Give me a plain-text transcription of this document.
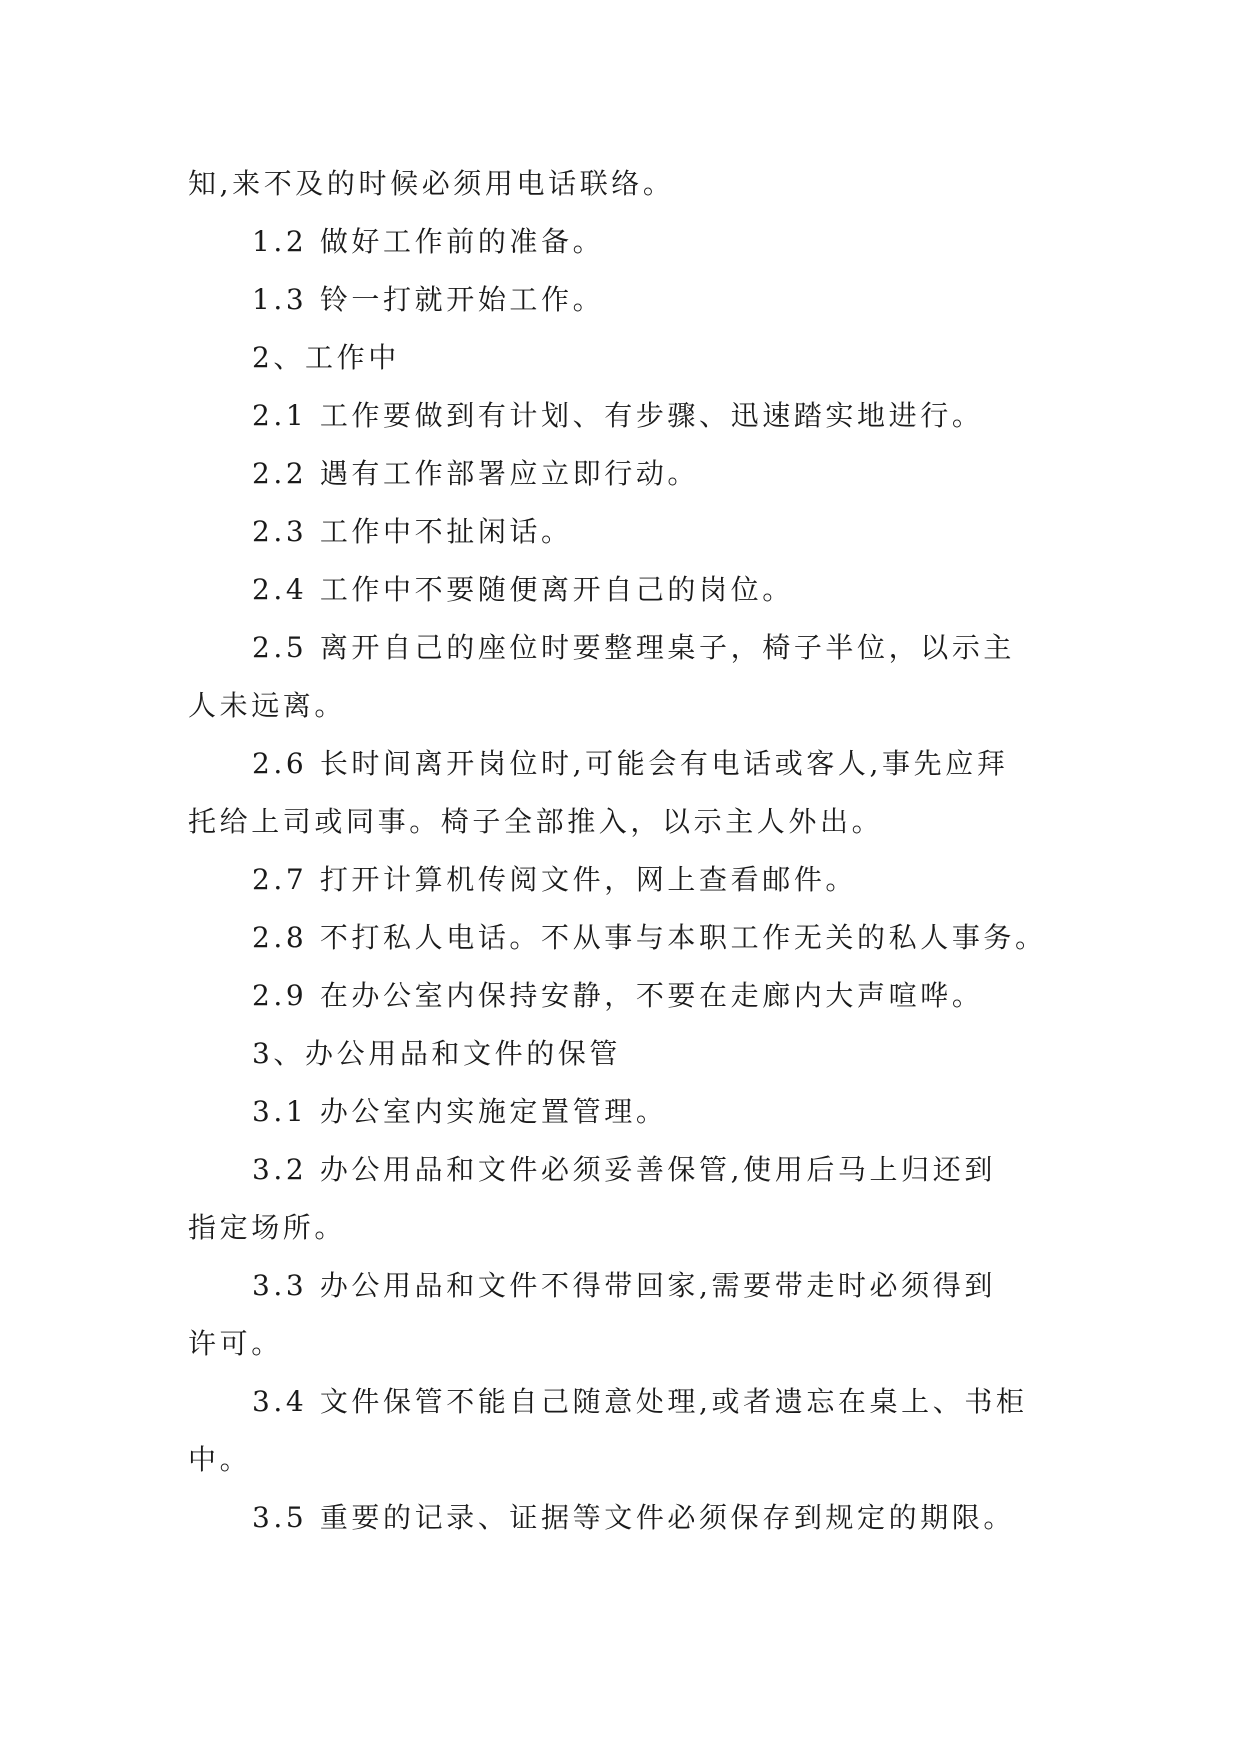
知,来不及的时候必须用电话联络。
1.2 做好工作前的准备。
1.3 铃一打就开始工作。
2、工作中
2.1 工作要做到有计划、有步骤、迅速踏实地进行。
2.2 遇有工作部署应立即行动。
2.3 工作中不扯闲话。
2.4 工作中不要随便离开自己的岗位。
2.5 离开自己的座位时要整理桌子，椅子半位，以示主
人未远离。
2.6 长时间离开岗位时,可能会有电话或客人,事先应拜
托给上司或同事。椅子全部推入，以示主人外出。
2.7 打开计算机传阅文件，网上查看邮件。
2.8 不打私人电话。不从事与本职工作无关的私人事务。
2.9 在办公室内保持安静，不要在走廊内大声喧哗。
3、办公用品和文件的保管
3.1 办公室内实施定置管理。
3.2 办公用品和文件必须妥善保管,使用后马上归还到
指定场所。
3.3 办公用品和文件不得带回家,需要带走时必须得到
许可。
3.4 文件保管不能自己随意处理,或者遗忘在桌上、书柜
中。
3.5 重要的记录、证据等文件必须保存到规定的期限。
